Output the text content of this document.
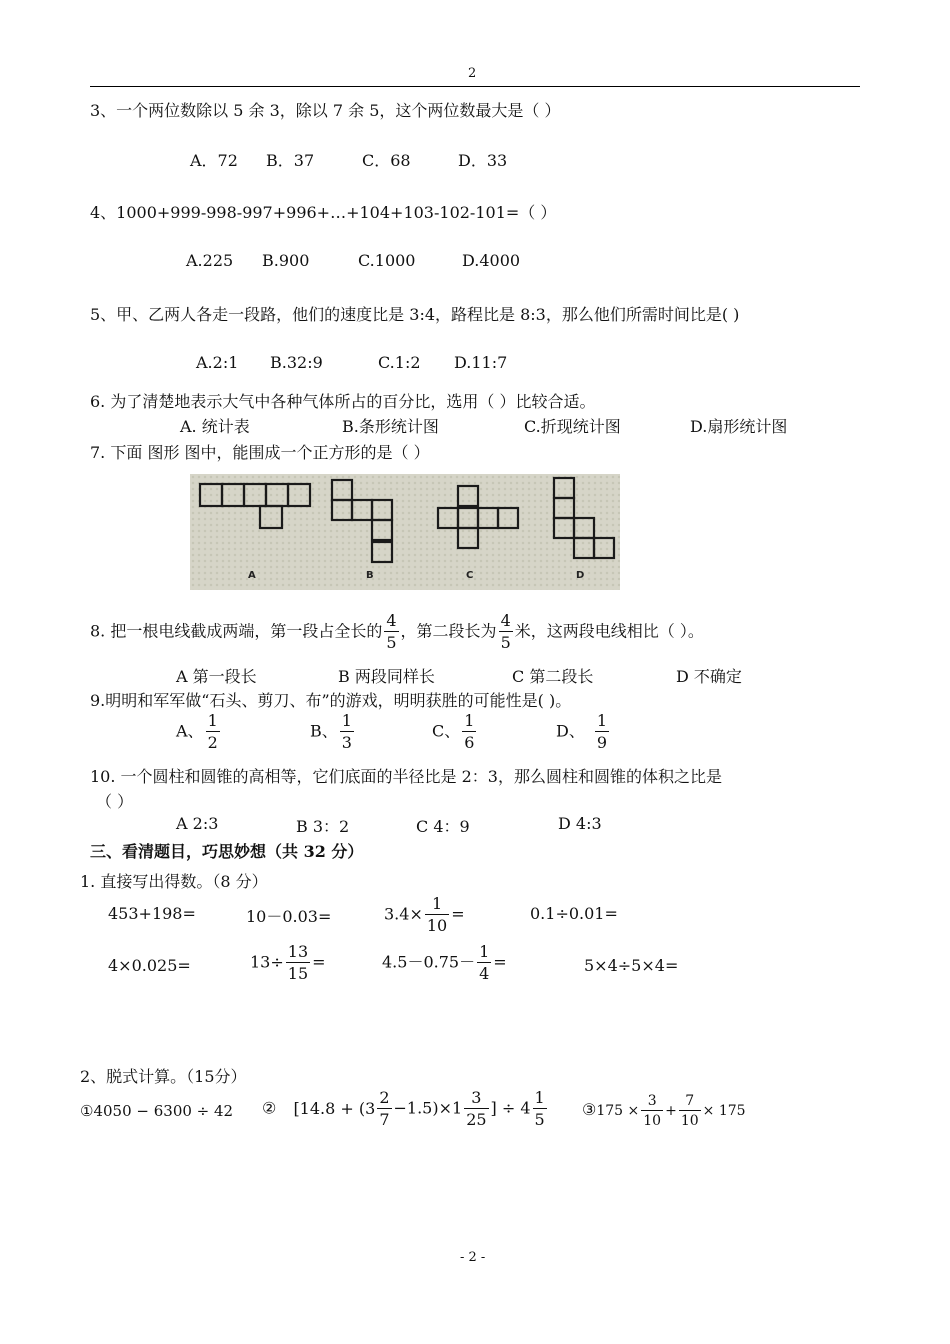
2
3、一个两位数除以 5 余 3，除以 7 余 5，这个两位数最大是（ ）
A．72 B．37	C．68	D．33
4、1000+999-998-997+996+…+104+103-102-101=（ ）
A.225 B.900	C.1000	D.4000
5、甲、乙两人各走一段路，他们的速度比是 3:4，路程比是 8:3，那么他们所需时间比是( )
A.2:1 B.32:9	C.1:2 D.11:7
6. 为了清楚地表示大气中各种气体所占的百分比，选用（ ）比较合适。
A. 统计表	B.条形统计图	C.折现统计图	D.扇形统计图
7. 下面 图形 图中，能围成一个正方形的是（ ）
A	B	C	D
8. 把一根电线截成两端，第一段占全长的 $\frac{4}{5}$ ，第二段长为 $\frac{4}{5}$ 米，这两段电线相比（ ）。
A 第一段长	B 两段同样长	C 第二段长	D 不确定
9.明明和军军做“石头、剪刀、布”的游戏，明明获胜的可能性是( )。
A、 $\frac{1}{2}$	B、 $\frac{1}{3}$	C、 $\frac{1}{6}$	D、 $\frac{1}{9}$
10. 一个圆柱和圆锥的高相等，它们底面的半径比是 2：3，那么圆柱和圆锥的体积之比是
（ ）
A 2:3	B 3：2	C 4：9	D 4:3
三、看清题目，巧思妙想（共 32 分）
1. 直接写出得数。（8 分）
453+198=	10－0.03=	$3.4\times \frac{1}{10}$ =	0.1÷0.01=
4×0.025=	$13\div \frac{13}{15}$ =	$4.5-0.75- \frac{1}{4}$ =	5×4÷5×4=
2、脱式计算。（15分）
①4050 − 6300 ÷ 42 ② [$14.8 + (3 \frac{2}{7} -1.5)\times 1 \frac{3}{25}$ ] ÷ $4 \frac{1}{5}$ ③175 × $\frac{3}{10} + \frac{7}{10} \times 175$
- 2 -
